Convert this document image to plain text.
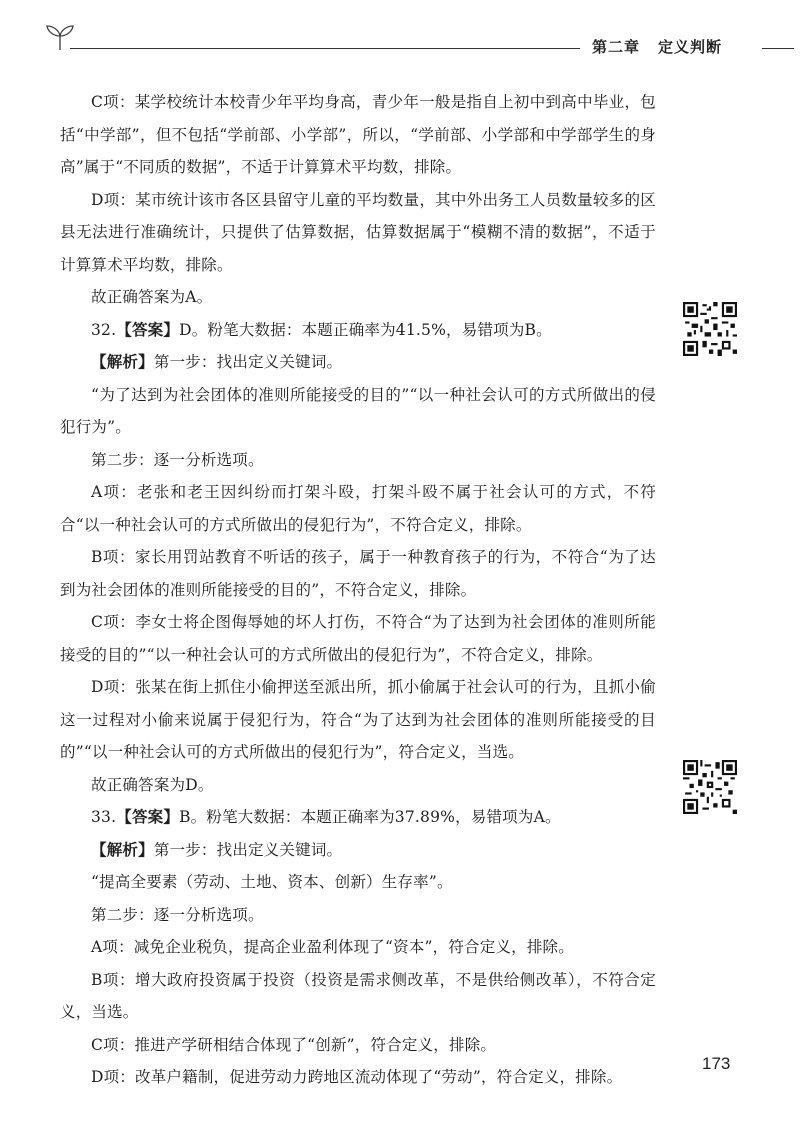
第二章 定义判断

C项：某学校统计本校青少年平均身高，青少年一般是指自上初中到高中毕业，包括“中学部”，但不包括“学前部、小学部”，所以，“学前部、小学部和中学部学生的身高”属于“不同质的数据”，不适于计算算术平均数，排除。

D项：某市统计该市各区县留守儿童的平均数量，其中外出务工人员数量较多的区县无法进行准确统计，只提供了估算数据，估算数据属于“模糊不清的数据”，不适于计算算术平均数，排除。

故正确答案为A。

32.【答案】D。粉笔大数据：本题正确率为41.5%，易错项为B。

【解析】第一步：找出定义关键词。

“为了达到为社会团体的准则所能接受的目的”“以一种社会认可的方式所做出的侵犯行为”。

第二步：逐一分析选项。

A项：老张和老王因纠纷而打架斗殴，打架斗殴不属于社会认可的方式，不符合“以一种社会认可的方式所做出的侵犯行为”，不符合定义，排除。

B项：家长用罚站教育不听话的孩子，属于一种教育孩子的行为，不符合“为了达到为社会团体的准则所能接受的目的”，不符合定义，排除。

C项：李女士将企图侮辱她的坏人打伤，不符合“为了达到为社会团体的准则所能接受的目的”“以一种社会认可的方式所做出的侵犯行为”，不符合定义，排除。

D项：张某在街上抓住小偷押送至派出所，抓小偷属于社会认可的行为，且抓小偷这一过程对小偷来说属于侵犯行为，符合“为了达到为社会团体的准则所能接受的目的”“以一种社会认可的方式所做出的侵犯行为”，符合定义，当选。

故正确答案为D。

33.【答案】B。粉笔大数据：本题正确率为37.89%，易错项为A。

【解析】第一步：找出定义关键词。

“提高全要素（劳动、土地、资本、创新）生存率”。

第二步：逐一分析选项。

A项：减免企业税负，提高企业盈利体现了“资本”，符合定义，排除。

B项：增大政府投资属于投资（投资是需求侧改革，不是供给侧改革），不符合定义，当选。

C项：推进产学研相结合体现了“创新”，符合定义，排除。

D项：改革户籍制，促进劳动力跨地区流动体现了“劳动”，符合定义，排除。

173
